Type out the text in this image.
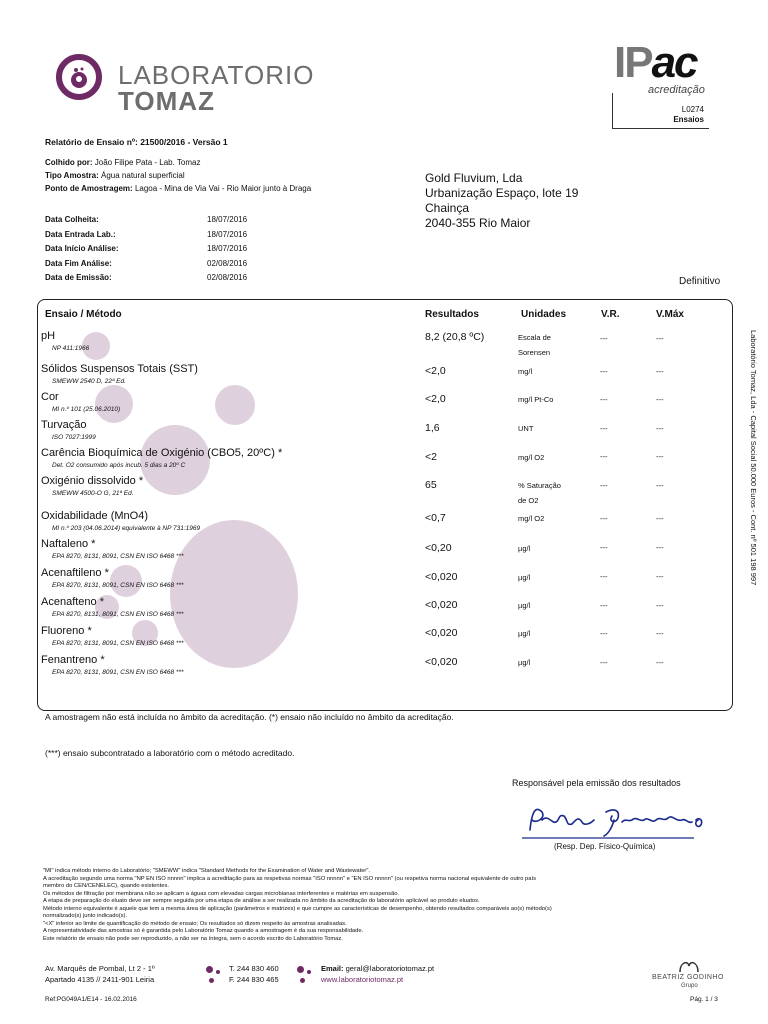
LABORATORIO
TOMAZ
IPac
acreditação
L0274
Ensaios
Relatório de Ensaio nº: 21500/2016 - Versão 1
Colhido por: João Filipe Pata - Lab. Tomaz
Tipo Amostra: Água natural superficial
Ponto de Amostragem: Lagoa - Mina de Via Vai - Rio Maior junto à Draga
Data Colheita:	18/07/2016
Data Entrada Lab.:	18/07/2016
Data Início Análise:	18/07/2016
Data Fim Análise:	02/08/2016
Data de Emissão:	02/08/2016
Gold Fluvium, Lda
Urbanização Espaço, lote 19
Chainça
2040-355 Rio Maior
Definitivo
Ensaio / Método	Resultados	Unidades	V.R.	V.Máx
pH
NP 411:1966
8,2 (20,8 ºC)	Escala de
Sorensen
---	---
Sólidos Suspensos Totais (SST)
SMEWW 2540 D, 22ª Ed.
<2,0	mg/l	---	---
Cor
MI n.º 101 (25.06.2010)
<2,0	mg/l Pt-Co	---	---
Turvação
ISO 7027:1999
1,6	UNT	---	---
Carência Bioquímica de Oxigénio (CBO5, 20ºC) *
Det. O2 consumido após incub. 5 dias a 20º C
<2	mg/l O2	---	---
Oxigénio dissolvido *
SMEWW 4500-O G, 21ª Ed.
65	% Saturação
de O2
---	---
Oxidabilidade (MnO4)
MI n.º 203 (04.06.2014) equivalente à NP 731:1969
<0,7	mg/l O2	---	---
Naftaleno *
EPA 8270, 8131, 8091, CSN EN ISO 6468 ***
<0,20	µg/l	---	---
Acenaftileno *
EPA 8270, 8131, 8091, CSN EN ISO 6468 ***
<0,020	µg/l	---	---
Acenafteno *
EPA 8270, 8131, 8091, CSN EN ISO 6468 ***
<0,020	µg/l	---	---
Fluoreno *
EPA 8270, 8131, 8091, CSN EN ISO 6468 ***
<0,020	µg/l	---	---
Fenantreno *
EPA 8270, 8131, 8091, CSN EN ISO 6468 ***
<0,020	µg/l	---	---
Laboratório Tomaz, Lda - Capital Social 50.000 Euros - Cont. nº 501 198 997
A amostragem não está incluída no âmbito da acreditação. (*) ensaio não incluído no âmbito da acreditação.
(***) ensaio subcontratado a laboratório com o método acreditado.
Responsável pela emissão dos resultados
(Resp. Dep. Físico-Química)
"MI" indica método interno do Laboratório; "SMEWW" indica "Standard Methods for the Examination of Water and Wastewater".
A acreditação segundo uma norma "NP EN ISO nnnnn" implica a acreditação para as respetivas normas "ISO nnnnn" e "EN ISO nnnnn" (ou respetiva norma nacional equivalente de outro país
membro do CEN/CENELEC), quando existentes.
Os métodos de filtração por membrana não se aplicam a águas com elevadas cargas microbianas interferentes e matérias em suspensão.
A etapa de preparação do eluato deve ser sempre seguida por uma etapa de análise a ser realizada no âmbito da acreditação do laboratório aplicável ao produto eluatos.
Método interno equivalente é aquele que tem a mesma área de aplicação (parâmetros e matrizes) e que cumpre as características de desempenho, obtendo resultados comparáveis ao(s) método(s)
normalizado(s) junto indicado(s).
"<X" inferior ao limite de quantificação do método de ensaio; Os resultados só dizem respeito às amostras analisadas.
A representatividade das amostras só é garantida pelo Laboratório Tomaz quando a amostragem é da sua responsabilidade.
Este relatório de ensaio não pode ser reproduzido, a não ser na íntegra, sem o acordo escrito do Laboratório Tomaz.
Av. Marquês de Pombal, Lt 2 - 1º
Apartado 4135 // 2411-901 Leiria
T. 244 830 460
F. 244 830 465
Email: geral@laboratoriotomaz.pt
www.laboratoriotomaz.pt	BEATRIZ GODINHO
Grupo
Ref:PG049A1/E14 - 16.02.2016	Pág. 1 / 3
